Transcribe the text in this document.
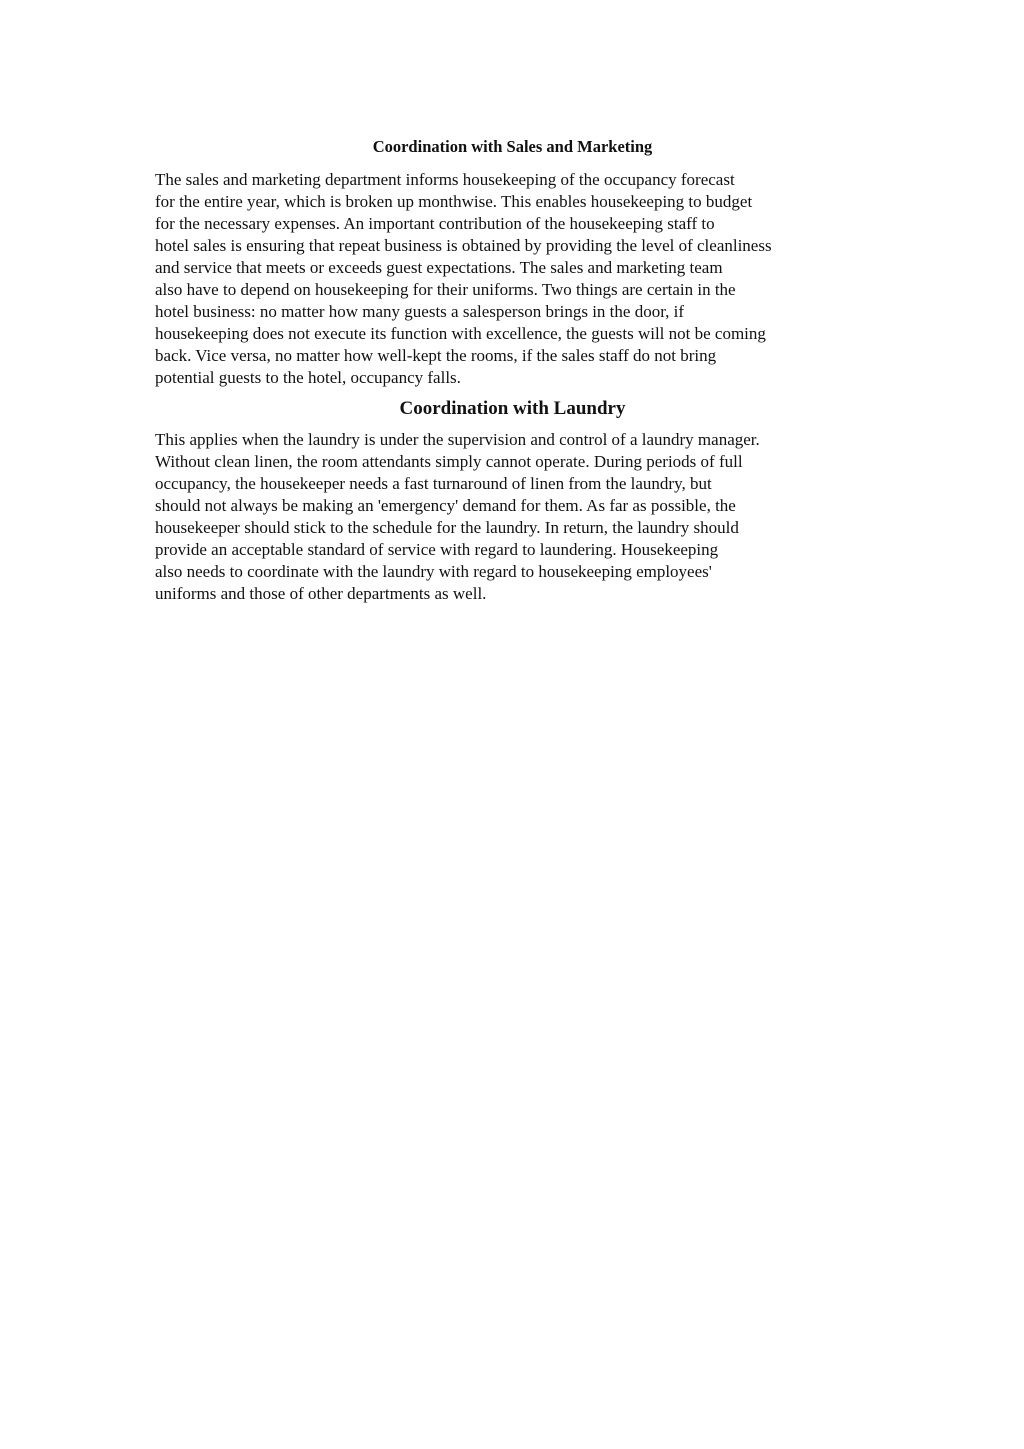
Coordination with Sales and Marketing

The sales and marketing department informs housekeeping of the occupancy forecast
for the entire year, which is broken up monthwise. This enables housekeeping to budget
for the necessary expenses. An important contribution of the housekeeping staff to
hotel sales is ensuring that repeat business is obtained by providing the level of cleanliness
and service that meets or exceeds guest expectations. The sales and marketing team
also have to depend on housekeeping for their uniforms. Two things are certain in the
hotel business: no matter how many guests a salesperson brings in the door, if
housekeeping does not execute its function with excellence, the guests will not be coming
back. Vice versa, no matter how well-kept the rooms, if the sales staff do not bring
potential guests to the hotel, occupancy falls.

Coordination with Laundry

This applies when the laundry is under the supervision and control of a laundry manager.
Without clean linen, the room attendants simply cannot operate. During periods of full
occupancy, the housekeeper needs a fast turnaround of linen from the laundry, but
should not always be making an 'emergency' demand for them. As far as possible, the
housekeeper should stick to the schedule for the laundry. In return, the laundry should
provide an acceptable standard of service with regard to laundering. Housekeeping
also needs to coordinate with the laundry with regard to housekeeping employees'
uniforms and those of other departments as well.
